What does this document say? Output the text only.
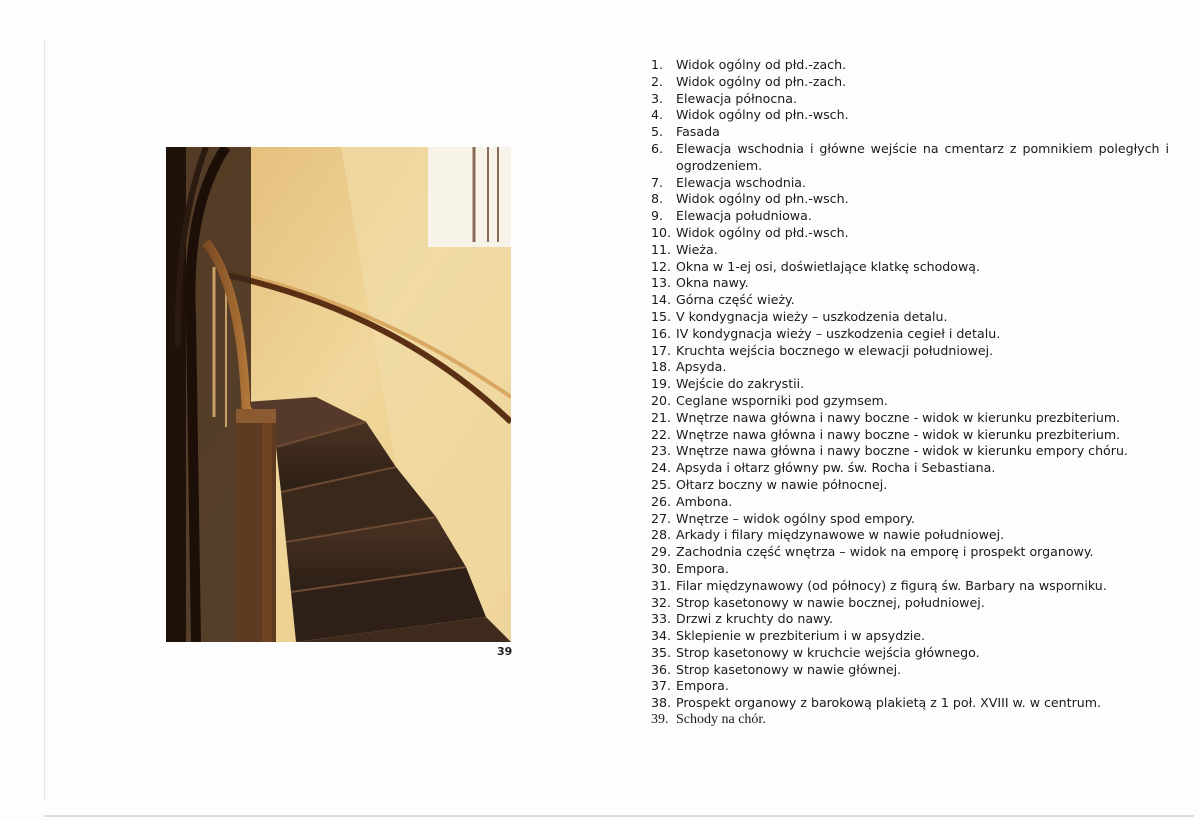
39
1.	Widok ogólny od płd.-zach.
2.	Widok ogólny od płn.-zach.
3.	Elewacja północna.
4.	Widok ogólny od płn.-wsch.
5.	Fasada
6.	Elewacja wschodnia i główne wejście na cmentarz z pomnikiem poległych i ogrodzeniem.
7.	Elewacja wschodnia.
8.	Widok ogólny od płn.-wsch.
9.	Elewacja południowa.
10. Widok ogólny od płd.-wsch.
11. Wieża.
12. Okna w 1-ej osi, doświetlające klatkę schodową.
13. Okna nawy.
14. Górna część wieży.
15. V kondygnacja wieży – uszkodzenia detalu.
16. IV kondygnacja wieży – uszkodzenia cegieł i detalu.
17. Kruchta wejścia bocznego w elewacji południowej.
18. Apsyda.
19. Wejście do zakrystii.
20. Ceglane wsporniki pod gzymsem.
21. Wnętrze nawa główna i nawy boczne - widok w kierunku prezbiterium.
22. Wnętrze nawa główna i nawy boczne - widok w kierunku prezbiterium.
23. Wnętrze nawa główna i nawy boczne - widok w kierunku empory chóru.
24. Apsyda i ołtarz główny pw. św. Rocha i Sebastiana.
25. Ołtarz boczny w nawie północnej.
26. Ambona.
27. Wnętrze – widok ogólny spod empory.
28. Arkady i filary międzynawowe w nawie południowej.
29. Zachodnia część wnętrza – widok na emporę i prospekt organowy.
30. Empora.
31. Filar międzynawowy (od północy) z figurą św. Barbary na wsporniku.
32. Strop kasetonowy w nawie bocznej, południowej.
33. Drzwi z kruchty do nawy.
34. Sklepienie w prezbiterium i w apsydzie.
35. Strop kasetonowy w kruchcie wejścia głównego.
36. Strop kasetonowy w nawie głównej.
37. Empora.
38. Prospekt organowy z barokową plakietą z 1 poł. XVIII w. w centrum.
39. Schody na chór.
